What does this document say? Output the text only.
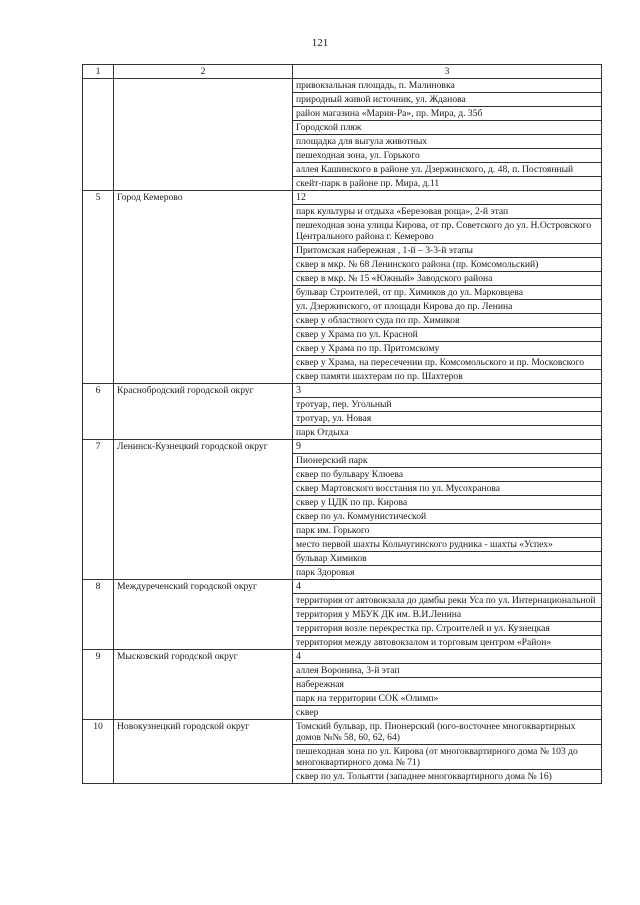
121
1	2	3
		привокзальная площадь, п. Малиновка
		природный живой источник, ул. Жданова
		район магазина «Мария-Ра», пр. Мира, д. 35б
		Городской пляж
		площадка для выгула животных
		пешеходная зона, ул. Горького
		аллея Кашинского в районе ул. Дзержинского, д. 48, п. Постоянный
		скейт-парк в районе пр. Мира, д.11
5	Город Кемерово	12
		парк культуры и отдыха «Березовая роща», 2-й этап
		пешеходная зона улицы Кирова, от пр. Советского до ул. Н.Островского Центрального района г. Кемерово
		Притомская набережная , 1-й – 3-3-й этапы
		сквер в мкр. № 68 Ленинского района (пр. Комсомольский)
		сквер в мкр. № 15 «Южный» Заводского района
		бульвар Строителей, от пр. Химиков до ул. Марковцева
		ул. Дзержинского, от площади Кирова до пр. Ленина
		сквер у областного суда по пр. Химиков
		сквер у Храма по ул. Красной
		сквер у Храма по пр. Притомскому
		сквер у Храма, на пересечении пр. Комсомольского и пр. Московского
		сквер памяти шахтерам по пр. Шахтеров
6	Краснобродский городской округ	3
		тротуар, пер. Угольный
		тротуар, ул. Новая
		парк Отдыха
7	Ленинск-Кузнецкий городской округ	9
		Пионерский парк
		сквер по бульвару Клюева
		сквер Мартовского восстания по ул. Мусохранова
		сквер у ЦДК по пр. Кирова
		сквер по ул. Коммунистической
		парк им. Горького
		место первой шахты Кольчугинского рудника - шахты «Успех»
		бульвар Химиков
		парк Здоровья
8	Междуреченский городской округ	4
		территория от автовокзала до дамбы реки Уса по ул. Интернациональной
		территория у МБУК ДК им. В.И.Ленина
		территория возле перекрестка пр. Строителей и ул. Кузнецкая
		территория между автовокзалом и торговым центром «Район»
9	Мысковский городской округ	4
		аллея Воронина, 3-й этап
		набережная
		парк на территории СОК «Олимп»
		сквер
10	Новокузнецкий городской округ	Томский бульвар, пр. Пионерский (юго-восточнее многоквартирных домов №№ 58, 60, 62, 64)
		пешеходная зона по ул. Кирова (от многоквартирного дома № 103 до многоквартирного дома № 71)
		сквер по ул. Тольятти (западнее многоквартирного дома № 16)
